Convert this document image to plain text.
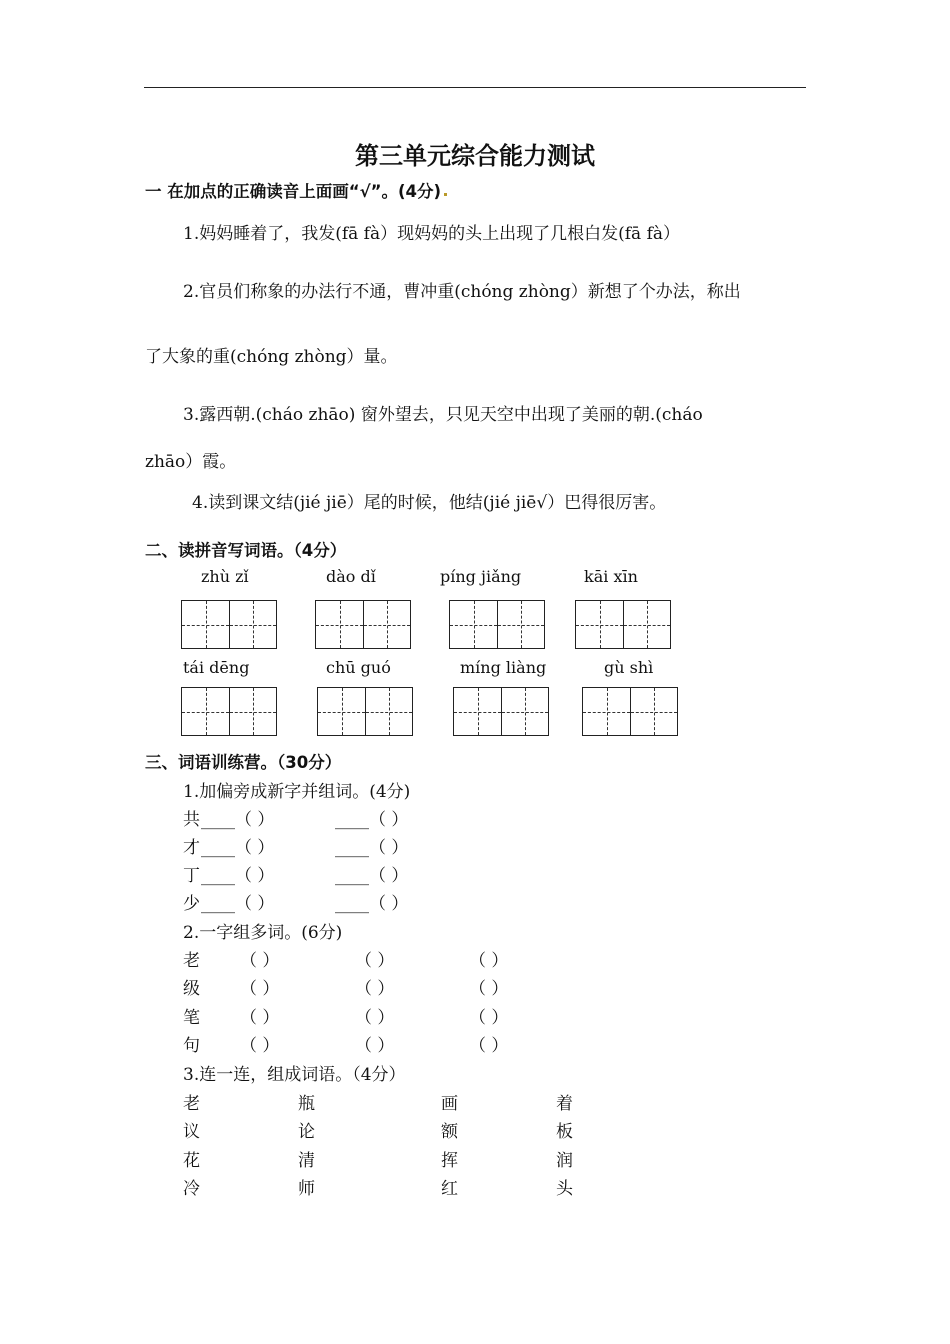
第三单元综合能力测试
一 在加点的正确读音上面画“√”。(4分)
1.妈妈睡着了，我发(fā fà）现妈妈的头上出现了几根白发(fā fà）
2.官员们称象的办法行不通，曹冲重(chóng zhòng）新想了个办法，称出
了大象的重(chóng zhòng）量。
3.露西朝.(cháo zhāo) 窗外望去，只见天空中出现了美丽的朝.(cháo
zhāo）霞。
4.读到课文结(jié jiē）尾的时候，他结(jié jiē√）巴得很厉害。
二、读拼音写词语。（4分）
zhù zǐ	dào dǐ	píng jiǎng	kāi xīn
tái dēng	chū guó	míng liàng	gù shì
三、词语训练营。（30分）
1.加偏旁成新字并组词。(4分)
共 ____（ ）	____（ ）
才 ____（ ）	____（ ）
丁 ____（ ）	____（ ）
少 ____（ ）	____（ ）
2.一字组多词。(6分)
老 （ ）	（ ）	（ ）
级 （ ）	（ ）	（ ）
笔 （ ）	（ ）	（ ）
句 （ ）	（ ）	（ ）
3.连一连，组成词语。（4分）
老	瓶	画	着
议	论	额	板
花	清	挥	润
冷	师	红	头
